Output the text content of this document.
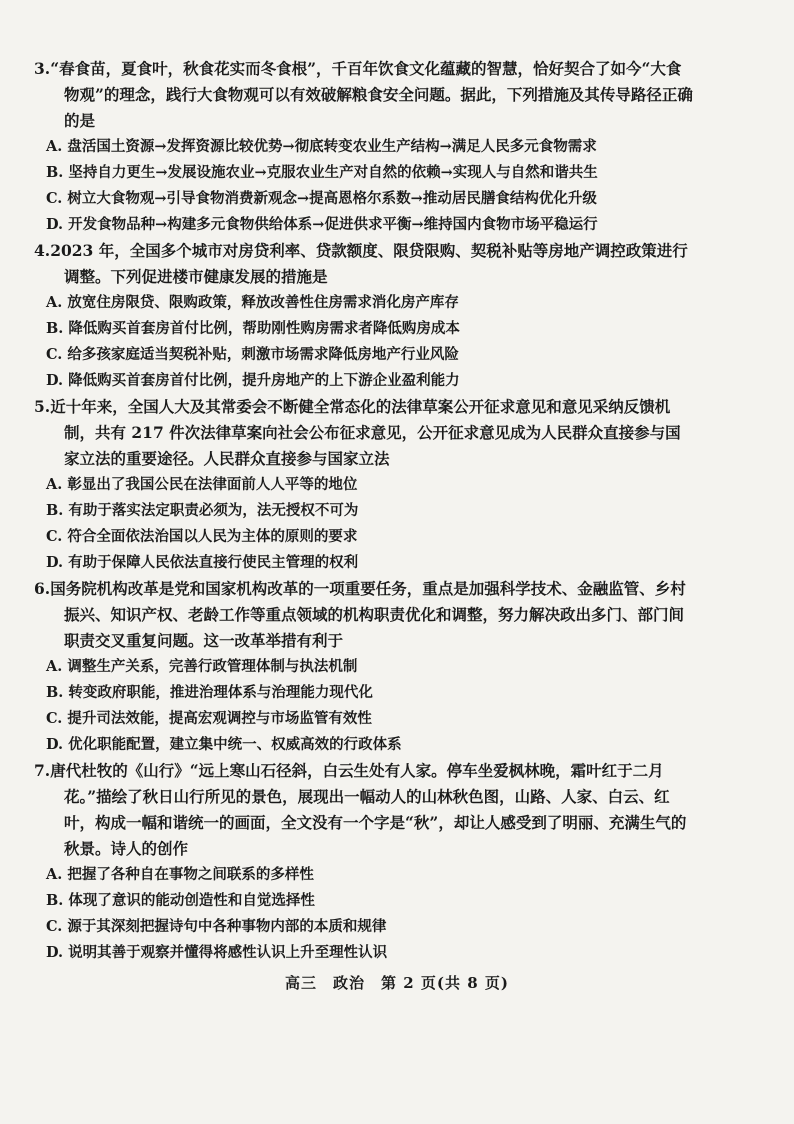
3.“春食苗，夏食叶，秋食花实而冬食根”，千百年饮食文化蕴藏的智慧，恰好契合了如今“大食物观”的理念，践行大食物观可以有效破解粮食安全问题。据此，下列措施及其传导路径正确的是

A. 盘活国土资源→发挥资源比较优势→彻底转变农业生产结构→满足人民多元食物需求
B. 坚持自力更生→发展设施农业→克服农业生产对自然的依赖→实现人与自然和谐共生
C. 树立大食物观→引导食物消费新观念→提高恩格尔系数→推动居民膳食结构优化升级
D. 开发食物品种→构建多元食物供给体系→促进供求平衡→维持国内食物市场平稳运行

4.2023 年，全国多个城市对房贷利率、贷款额度、限贷限购、契税补贴等房地产调控政策进行调整。下列促进楼市健康发展的措施是

A. 放宽住房限贷、限购政策，释放改善性住房需求消化房产库存
B. 降低购买首套房首付比例，帮助刚性购房需求者降低购房成本
C. 给多孩家庭适当契税补贴，刺激市场需求降低房地产行业风险
D. 降低购买首套房首付比例，提升房地产的上下游企业盈利能力

5.近十年来，全国人大及其常委会不断健全常态化的法律草案公开征求意见和意见采纳反馈机制，共有 217 件次法律草案向社会公布征求意见，公开征求意见成为人民群众直接参与国家立法的重要途径。人民群众直接参与国家立法

A. 彰显出了我国公民在法律面前人人平等的地位
B. 有助于落实法定职责必须为，法无授权不可为
C. 符合全面依法治国以人民为主体的原则的要求
D. 有助于保障人民依法直接行使民主管理的权利

6.国务院机构改革是党和国家机构改革的一项重要任务，重点是加强科学技术、金融监管、乡村振兴、知识产权、老龄工作等重点领域的机构职责优化和调整，努力解决政出多门、部门间职责交叉重复问题。这一改革举措有利于

A. 调整生产关系，完善行政管理体制与执法机制
B. 转变政府职能，推进治理体系与治理能力现代化
C. 提升司法效能，提高宏观调控与市场监管有效性
D. 优化职能配置，建立集中统一、权威高效的行政体系

7.唐代杜牧的《山行》“远上寒山石径斜，白云生处有人家。停车坐爱枫林晚，霜叶红于二月花。”描绘了秋日山行所见的景色，展现出一幅动人的山林秋色图，山路、人家、白云、红叶，构成一幅和谐统一的画面，全文没有一个字是“秋”，却让人感受到了明丽、充满生气的秋景。诗人的创作

A. 把握了各种自在事物之间联系的多样性
B. 体现了意识的能动创造性和自觉选择性
C. 源于其深刻把握诗句中各种事物内部的本质和规律
D. 说明其善于观察并懂得将感性认识上升至理性认识
高三　政治　第 2 页(共 8 页)
